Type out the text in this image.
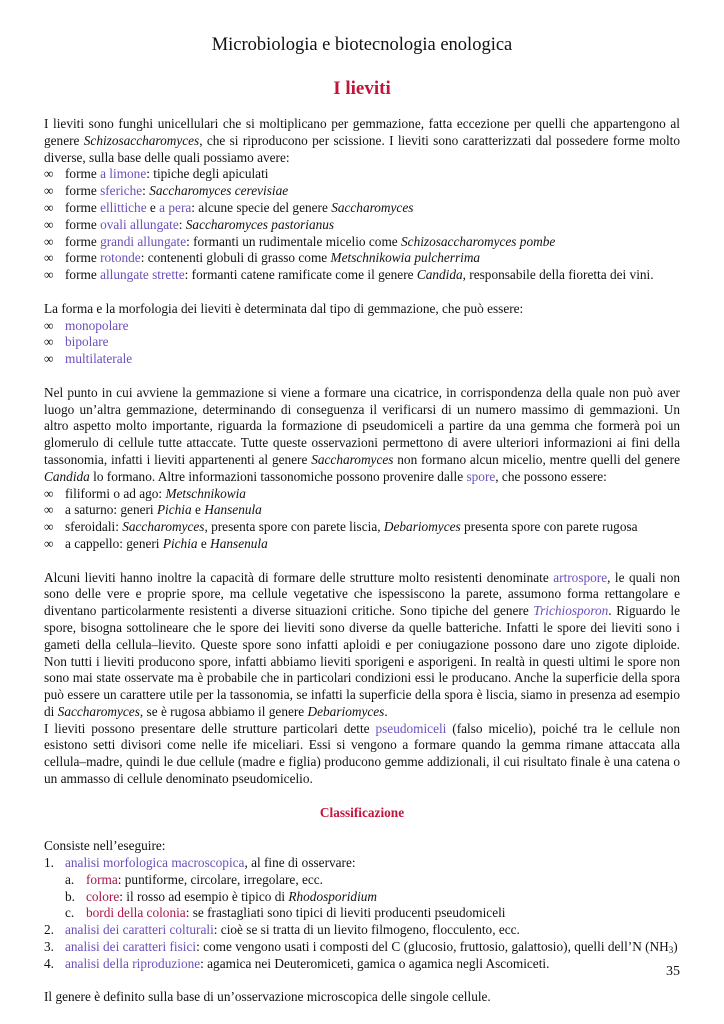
Microbiologia e biotecnologia enologica
I lieviti

I lieviti sono funghi unicellulari che si moltiplicano per gemmazione, fatta eccezione per quelli che appartengono al genere Schizosaccharomyces, che si riproducono per scissione. I lieviti sono caratterizzati dal possedere forme molto diverse, sulla base delle quali possiamo avere:

∞ forme a limone: tipiche degli apiculati
∞ forme sferiche: Saccharomyces cerevisiae
∞ forme ellittiche e a pera: alcune specie del genere Saccharomyces
∞ forme ovali allungate: Saccharomyces pastorianus
∞ forme grandi allungate: formanti un rudimentale micelio come Schizosaccharomyces pombe
∞ forme rotonde: contenenti globuli di grasso come Metschnikowia pulcherrima
∞ forme allungate strette: formanti catene ramificate come il genere Candida, responsabile della fioretta dei vini.

La forma e la morfologia dei lieviti è determinata dal tipo di gemmazione, che può essere:

∞ monopolare
∞ bipolare
∞ multilaterale

Nel punto in cui avviene la gemmazione si viene a formare una cicatrice, in corrispondenza della quale non può aver luogo un’altra gemmazione, determinando di conseguenza il verificarsi di un numero massimo di gemmazioni. Un altro aspetto molto importante, riguarda la formazione di pseudomiceli a partire da una gemma che formerà poi un glomerulo di cellule tutte attaccate. Tutte queste osservazioni permettono di avere ulteriori informazioni ai fini della tassonomia, infatti i lieviti appartenenti al genere Saccharomyces non formano alcun micelio, mentre quelli del genere Candida lo formano. Altre informazioni tassonomiche possono provenire dalle spore, che possono essere:

∞ filiformi o ad ago: Metschnikowia
∞ a saturno: generi Pichia e Hansenula
∞ sferoidali: Saccharomyces, presenta spore con parete liscia, Debariomyces presenta spore con parete rugosa
∞ a cappello: generi Pichia e Hansenula

Alcuni lieviti hanno inoltre la capacità di formare delle strutture molto resistenti denominate artrospore, le quali non sono delle vere e proprie spore, ma cellule vegetative che ispessiscono la parete, assumono forma rettangolare e diventano particolarmente resistenti a diverse situazioni critiche. Sono tipiche del genere Trichiosporon. Riguardo le spore, bisogna sottolineare che le spore dei lieviti sono diverse da quelle batteriche. Infatti le spore dei lieviti sono i gameti della cellula–lievito. Queste spore sono infatti aploidi e per coniugazione possono dare uno zigote diploide. Non tutti i lieviti producono spore, infatti abbiamo lieviti sporigeni e asporigeni. In realtà in questi ultimi le spore non sono mai state osservate ma è probabile che in particolari condizioni essi le producano. Anche la superficie della spora può essere un carattere utile per la tassonomia, se infatti la superficie della spora è liscia, siamo in presenza ad esempio di Saccharomyces, se è rugosa abbiamo il genere Debariomyces.

I lieviti possono presentare delle strutture particolari dette pseudomiceli (falso micelio), poiché tra le cellule non esistono setti divisori come nelle ife miceliari. Essi si vengono a formare quando la gemma rimane attaccata alla cellula–madre, quindi le due cellule (madre e figlia) producono gemme addizionali, il cui risultato finale è una catena o un ammasso di cellule denominato pseudomicelio.

Classificazione

Consiste nell’eseguire:

1. analisi morfologica macroscopica, al fine di osservare:
a. forma: puntiforme, circolare, irregolare, ecc.
b. colore: il rosso ad esempio è tipico di Rhodosporidium
c. bordi della colonia: se frastagliati sono tipici di lieviti producenti pseudomiceli
2. analisi dei caratteri colturali: cioè se si tratta di un lievito filmogeno, flocculento, ecc.
3. analisi dei caratteri fisici: come vengono usati i composti del C (glucosio, fruttosio, galattosio), quelli dell’N $(NH_3)$
4. analisi della riproduzione: agamica nei Deuteromiceti, gamica o agamica negli Ascomiceti.

Il genere è definito sulla base di un’osservazione microscopica delle singole cellule.

35
